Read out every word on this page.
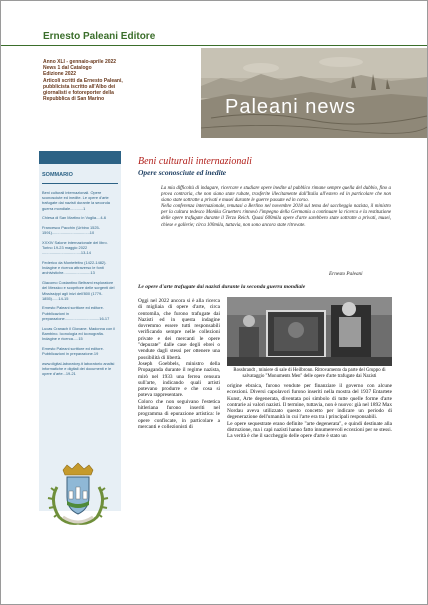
Ernesto Paleani Editore
Anno XLI - gennaio-aprile 2022
News 1 dal Catalogo
Edizione 2022
Articoli scritti da Ernesto Paleani,
pubblicista iscritto all'Albo dei
giornalisti e fotoreporter della
Repubblica di San Marino	Paleani news
SOMMARIO
Beni culturali internazionali. Opere sconosciute ed inedite. Le opere d'arte trafugate dai nazisti durante la seconda guerra mondiale............1
Chiesa di San Martino in Voglia....4-6
Francesco Pacchin (Urbino 1525-1591)...................................10
XXXIV Salone internazionale del libro. Torino 19-23 maggio 2022 ....................................13-14
Federico da Montefeltro (1422-1482). Indagine e ricerca attraverso le fonti archivistiche.........................13
Giacomo Costantino Beltrami esploratore del Messico e scopritore delle sorgenti del Mississippi agli inizi dell'800 (1779-1855)......14-15
Ernesto Paleani scrittore ed editore. Pubblicazioni in preparazione................................16-17
Lucas Cranach il Giovane. Madonna con il Bambino. Iconologia ed iconografia. Indagine e ricerca.....15
Ernesto Paleani scrittore ed editore. Pubblicazioni in preparazione.19
www.digital-laboratory.it laboratorio analisi informatiche e digitali dei documenti e le opere d'arte...19-21
Beni culturali internazionali
Opere sconosciute ed inedite

La mia difficoltà di indagare, ricercare e studiare opere inedite al pubblico rimane sempre quella del dubbio, fino a prova contraria, che non siano state rubate, trasferite illecitamente dall'Italia all'estero ed in particolare che non siano state sottratte a privati e musei durante le guerre passate ed in corso.

Nella conferenza internazionale, tenutasi a Berlino nel novembre 2018 sul tema del saccheggio nazista, il ministro per la cultura tedesco Monika Gruetters rinnovò l'impegno della Germania a continuare la ricerca e la restituzione delle opere trafugate durante il Terzo Reich. Quasi 600mila opere d'arte sarebbero state sottratte a privati, musei, chiese e gallerie; circa 100mila, tuttavia, non sono ancora state ritrovate.

Ernesto Paleani
Le opere d'arte trafugate dai nazisti durante la seconda guerra mondiale

Oggi nel 2022 ancora si è alla ricerca di migliaia di opere d'arte, circa centomila, che furono trafugate dai Nazisti ed in questa indagine dovremmo essere tutti responsabili verificando sempre nelle collezioni private e dei mercanti le opere "depurate" dalle case degli ebrei o vendute dagli stessi per ottenere una possibilità di libertà.

Joseph Goebbels, ministro della Propaganda durante il regime nazista, mirò nel 1933 una ferrea censura sull'arte, indicando quali artisti potevano produrre e che cosa si poteva rappresentare.

Coloro che non seguivano l'estetica hitleriana furono inseriti nel programma di epurazione artistica: le opere confiscate, in particolare a mercanti e collezionisti di

Rossbrandt , miniere di sale di Heilbronn. Ritrovamento da parte del Gruppo di salvataggio "Monuments Men" delle opere d'arte trafugate dai Nazisti

origine ebraica, furono vendute per finanziare il governo con alcune eccezioni. Diversi capolavori furono inseriti nella mostra del 1937 Entartete Kunst, Arte degenerata, diventata poi simbolo di tutte quelle forme d'arte contrarie ai valori nazisti. Il termine, tuttavia, non è nuovo: già nel 1892 Max Nordau aveva utilizzato questo concetto per indicare un periodo di degenerazione dell'umanità in cui l'arte era tra i principali responsabili.

Le opere sequestrate erano definite "arte degenerata", e quindi destinate alla distruzione, ma i capi nazisti hanno fatto innumerevoli eccezioni per se stessi. La verità è che il saccheggio delle opere d'arte è stato un
